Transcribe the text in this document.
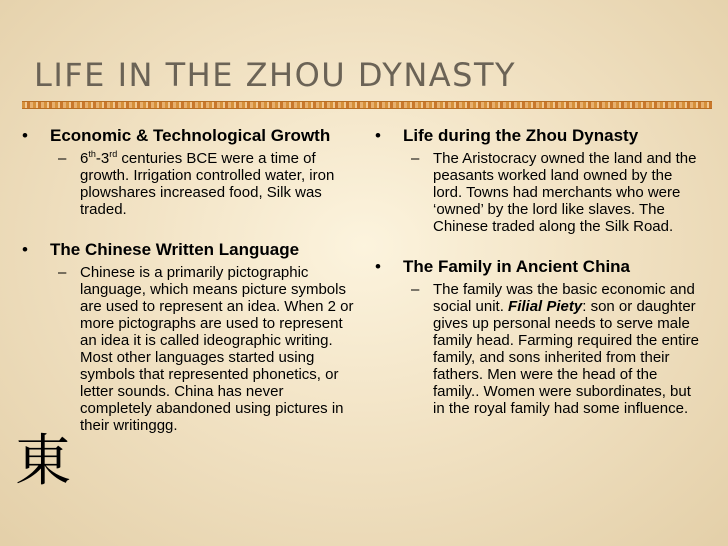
LIFE IN THE ZHOU DYNASTY
•	Economic & Technological Growth
– 6th-3rd centuries BCE were a time of growth. Irrigation controlled water, iron plowshares increased food, Silk was traded.
•	The Chinese Written Language
– Chinese is a primarily pictographic language, which means picture symbols are used to represent an idea. When 2 or more pictographs are used to represent an idea it is called ideographic writing. Most other languages started using symbols that represented phonetics, or letter sounds. China has never completely abandoned using pictures in their writinggg.
•	Life during the Zhou Dynasty
– The Aristocracy owned the land and the peasants worked land owned by the lord. Towns had merchants who were ‘owned’ by the lord like slaves. The Chinese traded along the Silk Road.
•	The Family in Ancient China
– The family was the basic economic and social unit. Filial Piety: son or daughter gives up personal needs to serve male family head. Farming required the entire family, and sons inherited from their fathers. Men were the head of the family.. Women were subordinates, but in the royal family had some influence.
東
